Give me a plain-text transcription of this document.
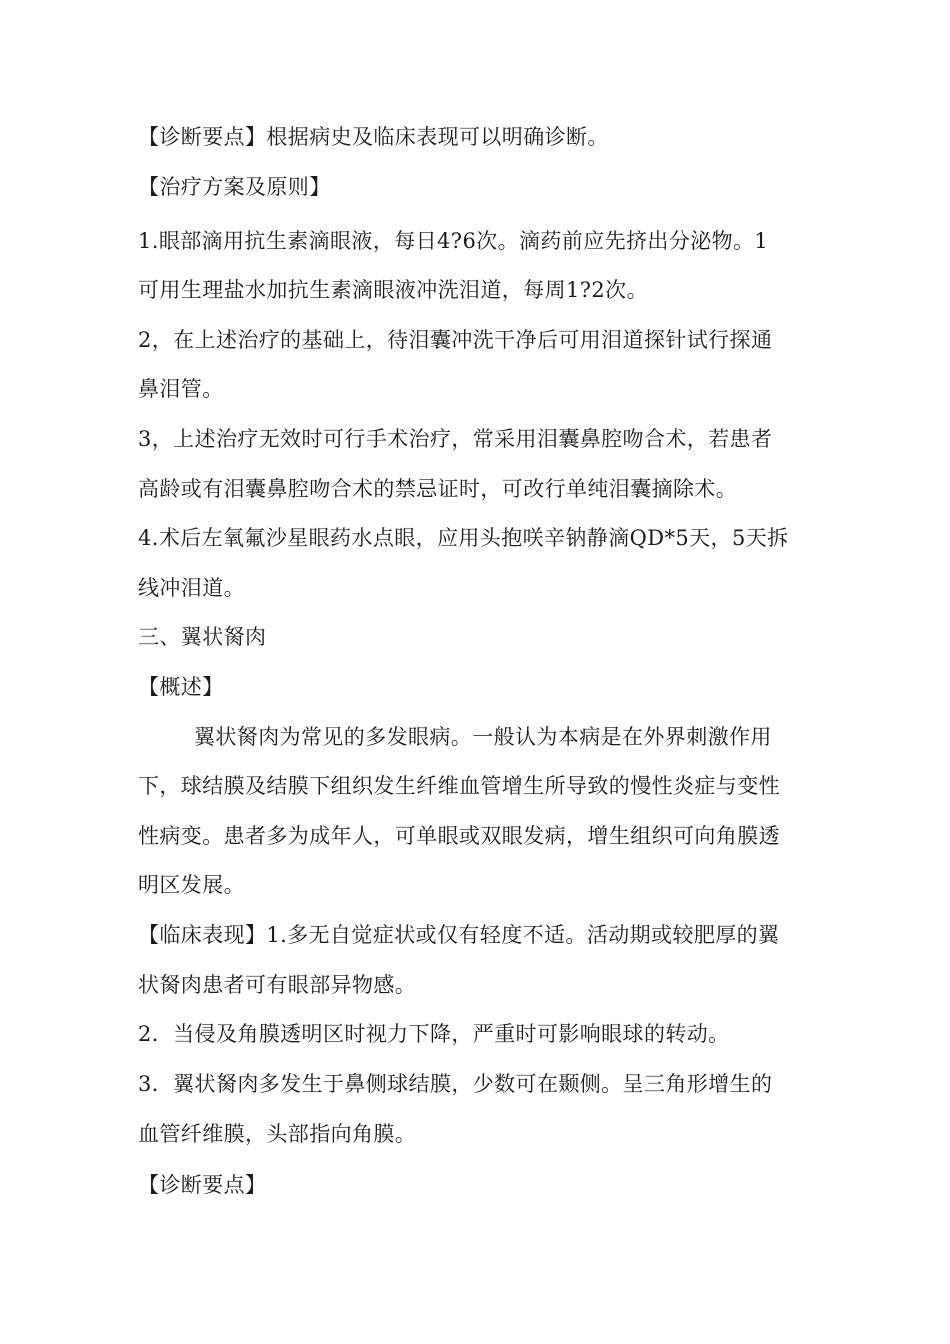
【诊断要点】根据病史及临床表现可以明确诊断。
【治疗方案及原则】
1.眼部滴用抗生素滴眼液，每日4?6次。滴药前应先挤出分泌物。1
可用生理盐水加抗生素滴眼液冲洗泪道，每周1?2次。
2，在上述治疗的基础上，待泪囊冲洗干净后可用泪道探针试行探通
鼻泪管。
3，上述治疗无效时可行手术治疗，常采用泪囊鼻腔吻合术，若患者
高龄或有泪囊鼻腔吻合术的禁忌证时，可改行单纯泪囊摘除术。
4.术后左氧氟沙星眼药水点眼，应用头抱咲辛钠静滴QD*5天，5天拆
线冲泪道。
三、翼状胬肉
【概述】
翼状胬肉为常见的多发眼病。一般认为本病是在外界刺激作用
下，球结膜及结膜下组织发生纤维血管增生所导致的慢性炎症与变性
性病变。患者多为成年人，可单眼或双眼发病，增生组织可向角膜透
明区发展。
【临床表现】1.多无自觉症状或仅有轻度不适。活动期或较肥厚的翼
状胬肉患者可有眼部异物感。
2．当侵及角膜透明区时视力下降，严重时可影响眼球的转动。
3．翼状胬肉多发生于鼻侧球结膜，少数可在颞侧。呈三角形增生的
血管纤维膜，头部指向角膜。
【诊断要点】
